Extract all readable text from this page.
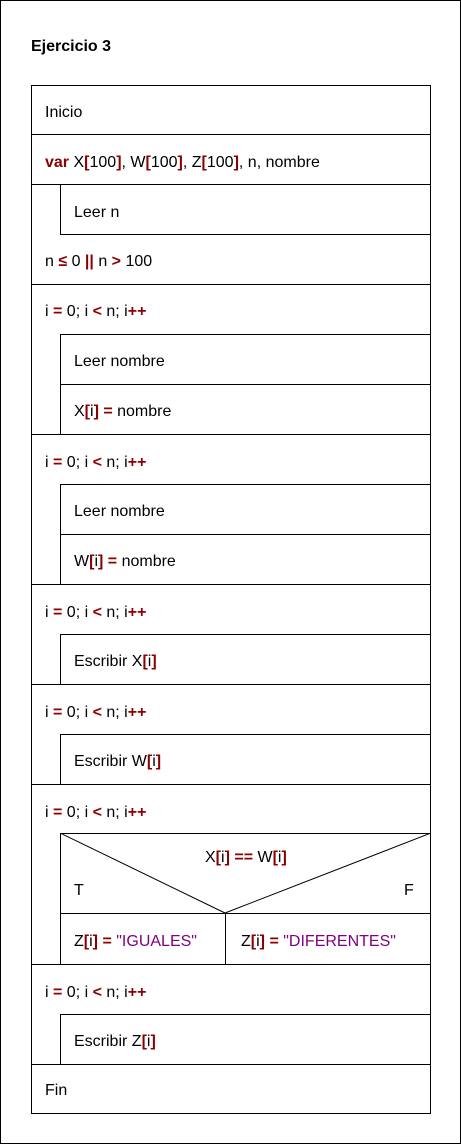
Ejercicio 3
Inicio
var X[100], W[100], Z[100], n, nombre
n ≤ 0 || n > 100
Leer n
i = 0; i < n; i++
Leer nombre
X[i] = nombre
i = 0; i < n; i++
Leer nombre
W[i] = nombre
i = 0; i < n; i++
Escribir X[i]
i = 0; i < n; i++
Escribir W[i]
i = 0; i < n; i++
X[i] == W[i]
T	F
Z[i] = "IGUALES"	Z[i] = "DIFERENTES"
i = 0; i < n; i++
Escribir Z[i]
Fin
